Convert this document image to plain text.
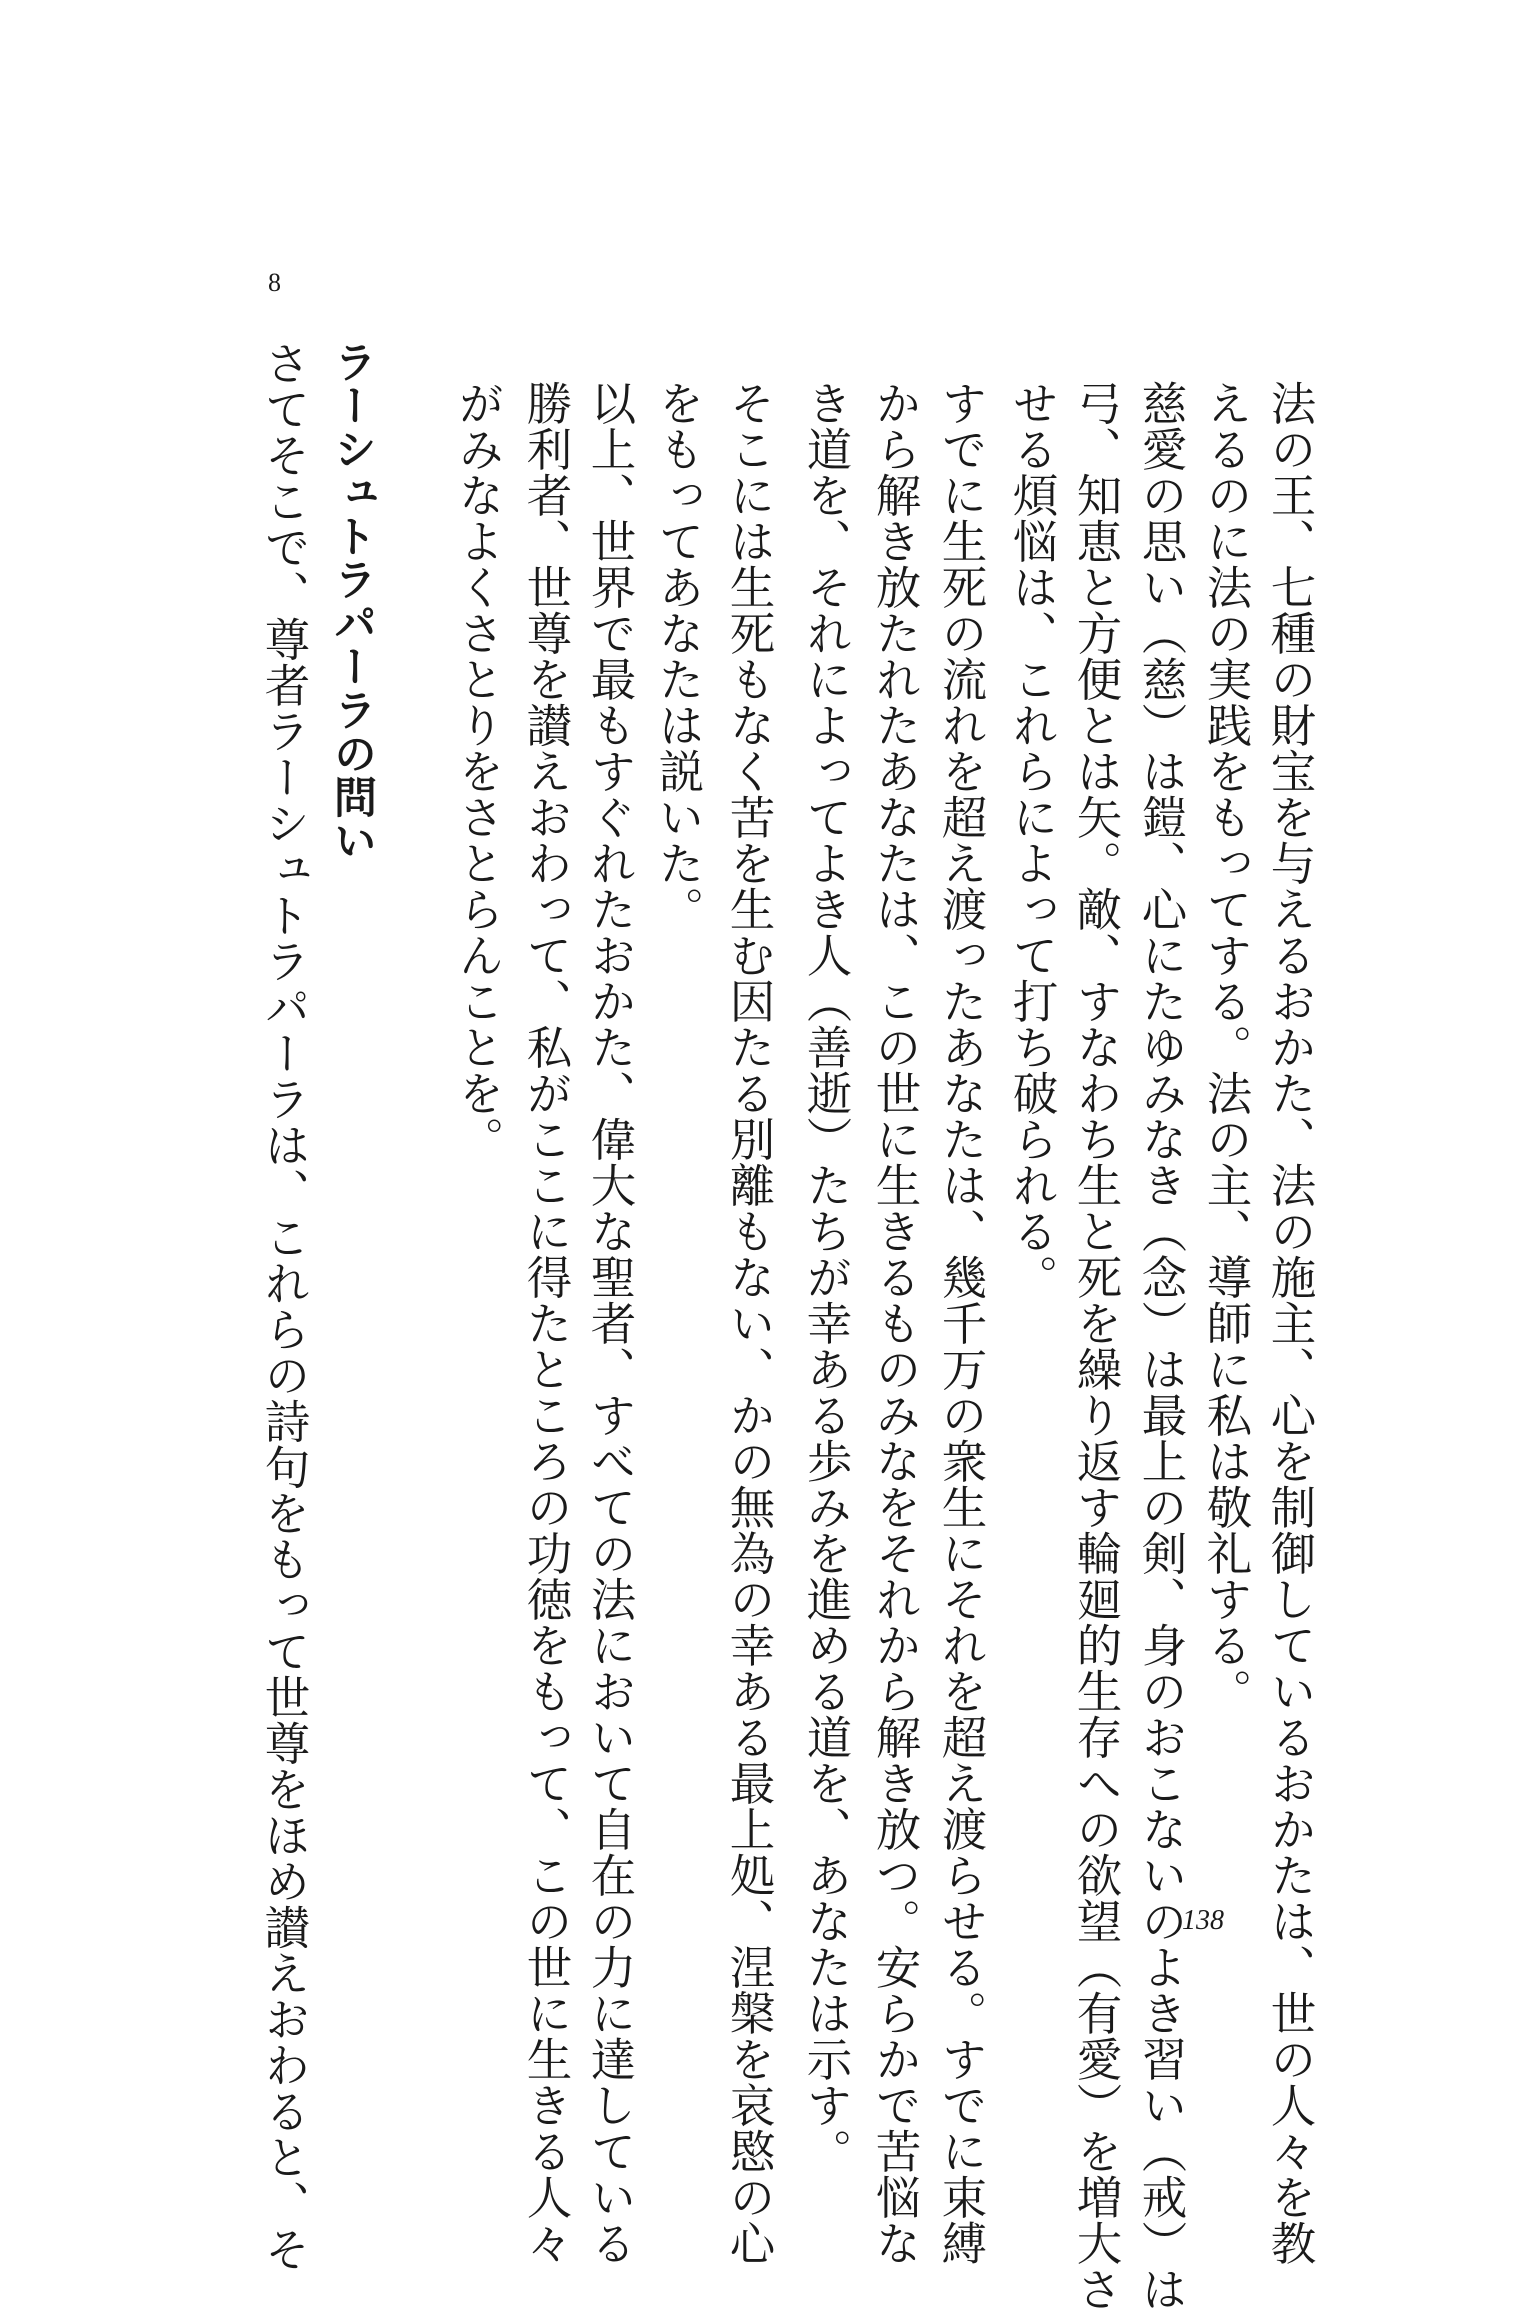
8
法の王、七種の財宝を与えるおかた、法の施主、心を制御しているおかたは、世の人々を教
えるのに法の実践をもってする。法の主、導師に私は敬礼する。
慈愛の思い（慈）は鎧、心にたゆみなき（念）は最上の剣、身のおこないのよき習い（戒）は
弓、知恵と方便とは矢。敵、すなわち生と死を繰り返す輪廻的生存への欲望（有愛）を増大さ
せる煩悩は、これらによって打ち破られる。
すでに生死の流れを超え渡ったあなたは、幾千万の衆生にそれを超え渡らせる。すでに束縛
から解き放たれたあなたは、この世に生きるものみなをそれから解き放つ。安らかで苦悩な
き道を、それによってよき人（善逝）たちが幸ある歩みを進める道を、あなたは示す。
そこには生死もなく苦を生む因たる別離もない、かの無為の幸ある最上処、涅槃を哀愍の心
をもってあなたは説いた。
以上、世界で最もすぐれたおかた、偉大な聖者、すべての法において自在の力に達している
勝利者、世尊を讃えおわって、私がここに得たところの功徳をもって、この世に生きる人々
がみなよくさとりをさとらんことを。
ラーシュトラパーラの問い
さてそこで、尊者ラーシュトラパーラは、これらの詩句をもって世尊をほめ讃えおわると、そ	138
